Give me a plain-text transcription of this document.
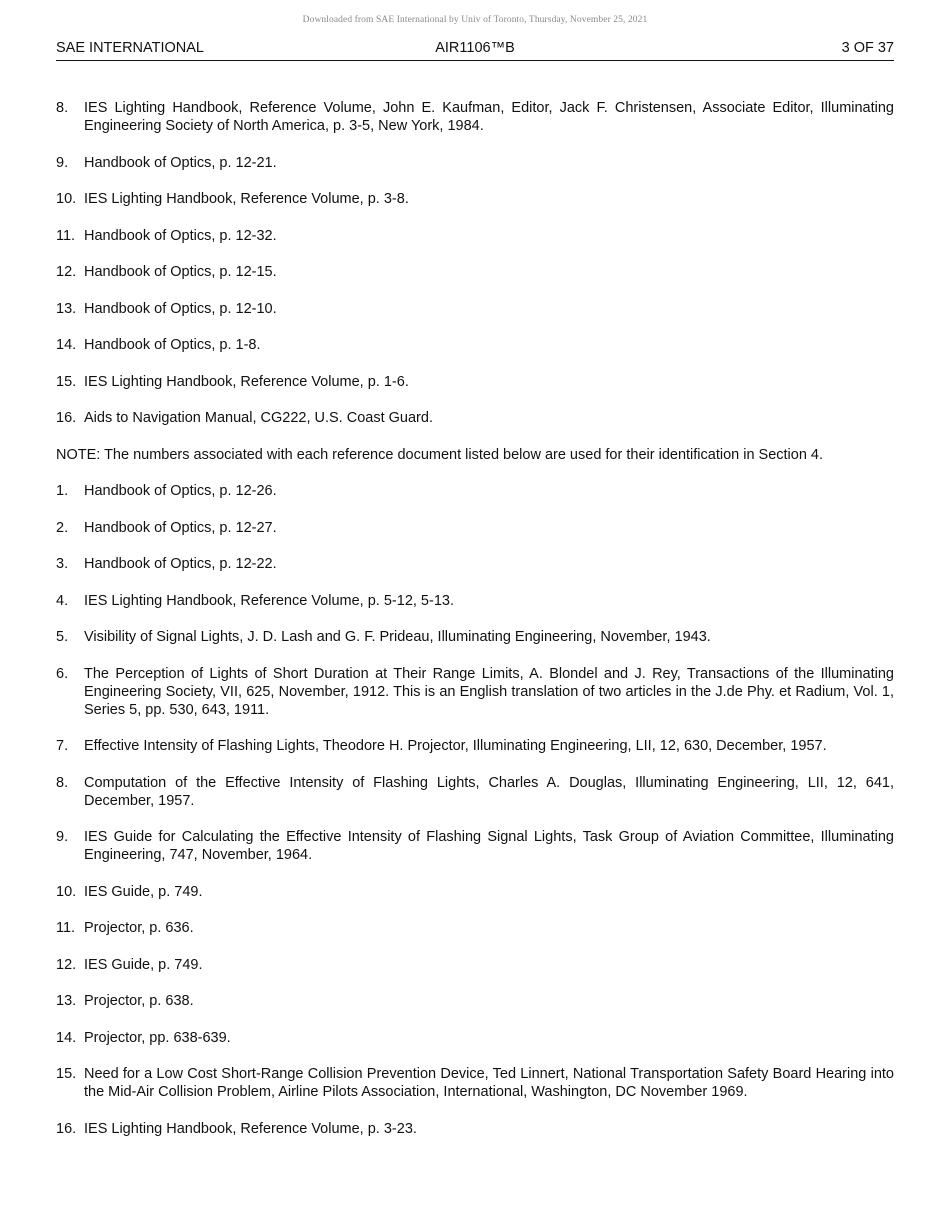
Downloaded from SAE International by Univ of Toronto, Thursday, November 25, 2021
SAE INTERNATIONAL	AIR1106™B	3 OF 37
8.	IES Lighting Handbook, Reference Volume, John E. Kaufman, Editor, Jack F. Christensen, Associate Editor, Illuminating Engineering Society of North America, p. 3-5, New York, 1984.
9.	Handbook of Optics, p. 12-21.
10. IES Lighting Handbook, Reference Volume, p. 3-8.
11. Handbook of Optics, p. 12-32.
12. Handbook of Optics, p. 12-15.
13. Handbook of Optics, p. 12-10.
14. Handbook of Optics, p. 1-8.
15. IES Lighting Handbook, Reference Volume, p. 1-6.
16. Aids to Navigation Manual, CG222, U.S. Coast Guard.

NOTE: The numbers associated with each reference document listed below are used for their identification in Section 4.

1.	Handbook of Optics, p. 12-26.
2.	Handbook of Optics, p. 12-27.
3.	Handbook of Optics, p. 12-22.
4.	IES Lighting Handbook, Reference Volume, p. 5-12, 5-13.
5.	Visibility of Signal Lights, J. D. Lash and G. F. Prideau, Illuminating Engineering, November, 1943.
6.	The Perception of Lights of Short Duration at Their Range Limits, A. Blondel and J. Rey, Transactions of the Illuminating Engineering Society, VII, 625, November, 1912. This is an English translation of two articles in the J.de Phy. et Radium, Vol. 1, Series 5, pp. 530, 643, 1911.
7.	Effective Intensity of Flashing Lights, Theodore H. Projector, Illuminating Engineering, LII, 12, 630, December, 1957.
8.	Computation of the Effective Intensity of Flashing Lights, Charles A. Douglas, Illuminating Engineering, LII, 12, 641, December, 1957.
9.	IES Guide for Calculating the Effective Intensity of Flashing Signal Lights, Task Group of Aviation Committee, Illuminating Engineering, 747, November, 1964.
10. IES Guide, p. 749.
11. Projector, p. 636.
12. IES Guide, p. 749.
13. Projector, p. 638.
14. Projector, pp. 638-639.
15. Need for a Low Cost Short-Range Collision Prevention Device, Ted Linnert, National Transportation Safety Board Hearing into the Mid-Air Collision Problem, Airline Pilots Association, International, Washington, DC November 1969.
16. IES Lighting Handbook, Reference Volume, p. 3-23.
